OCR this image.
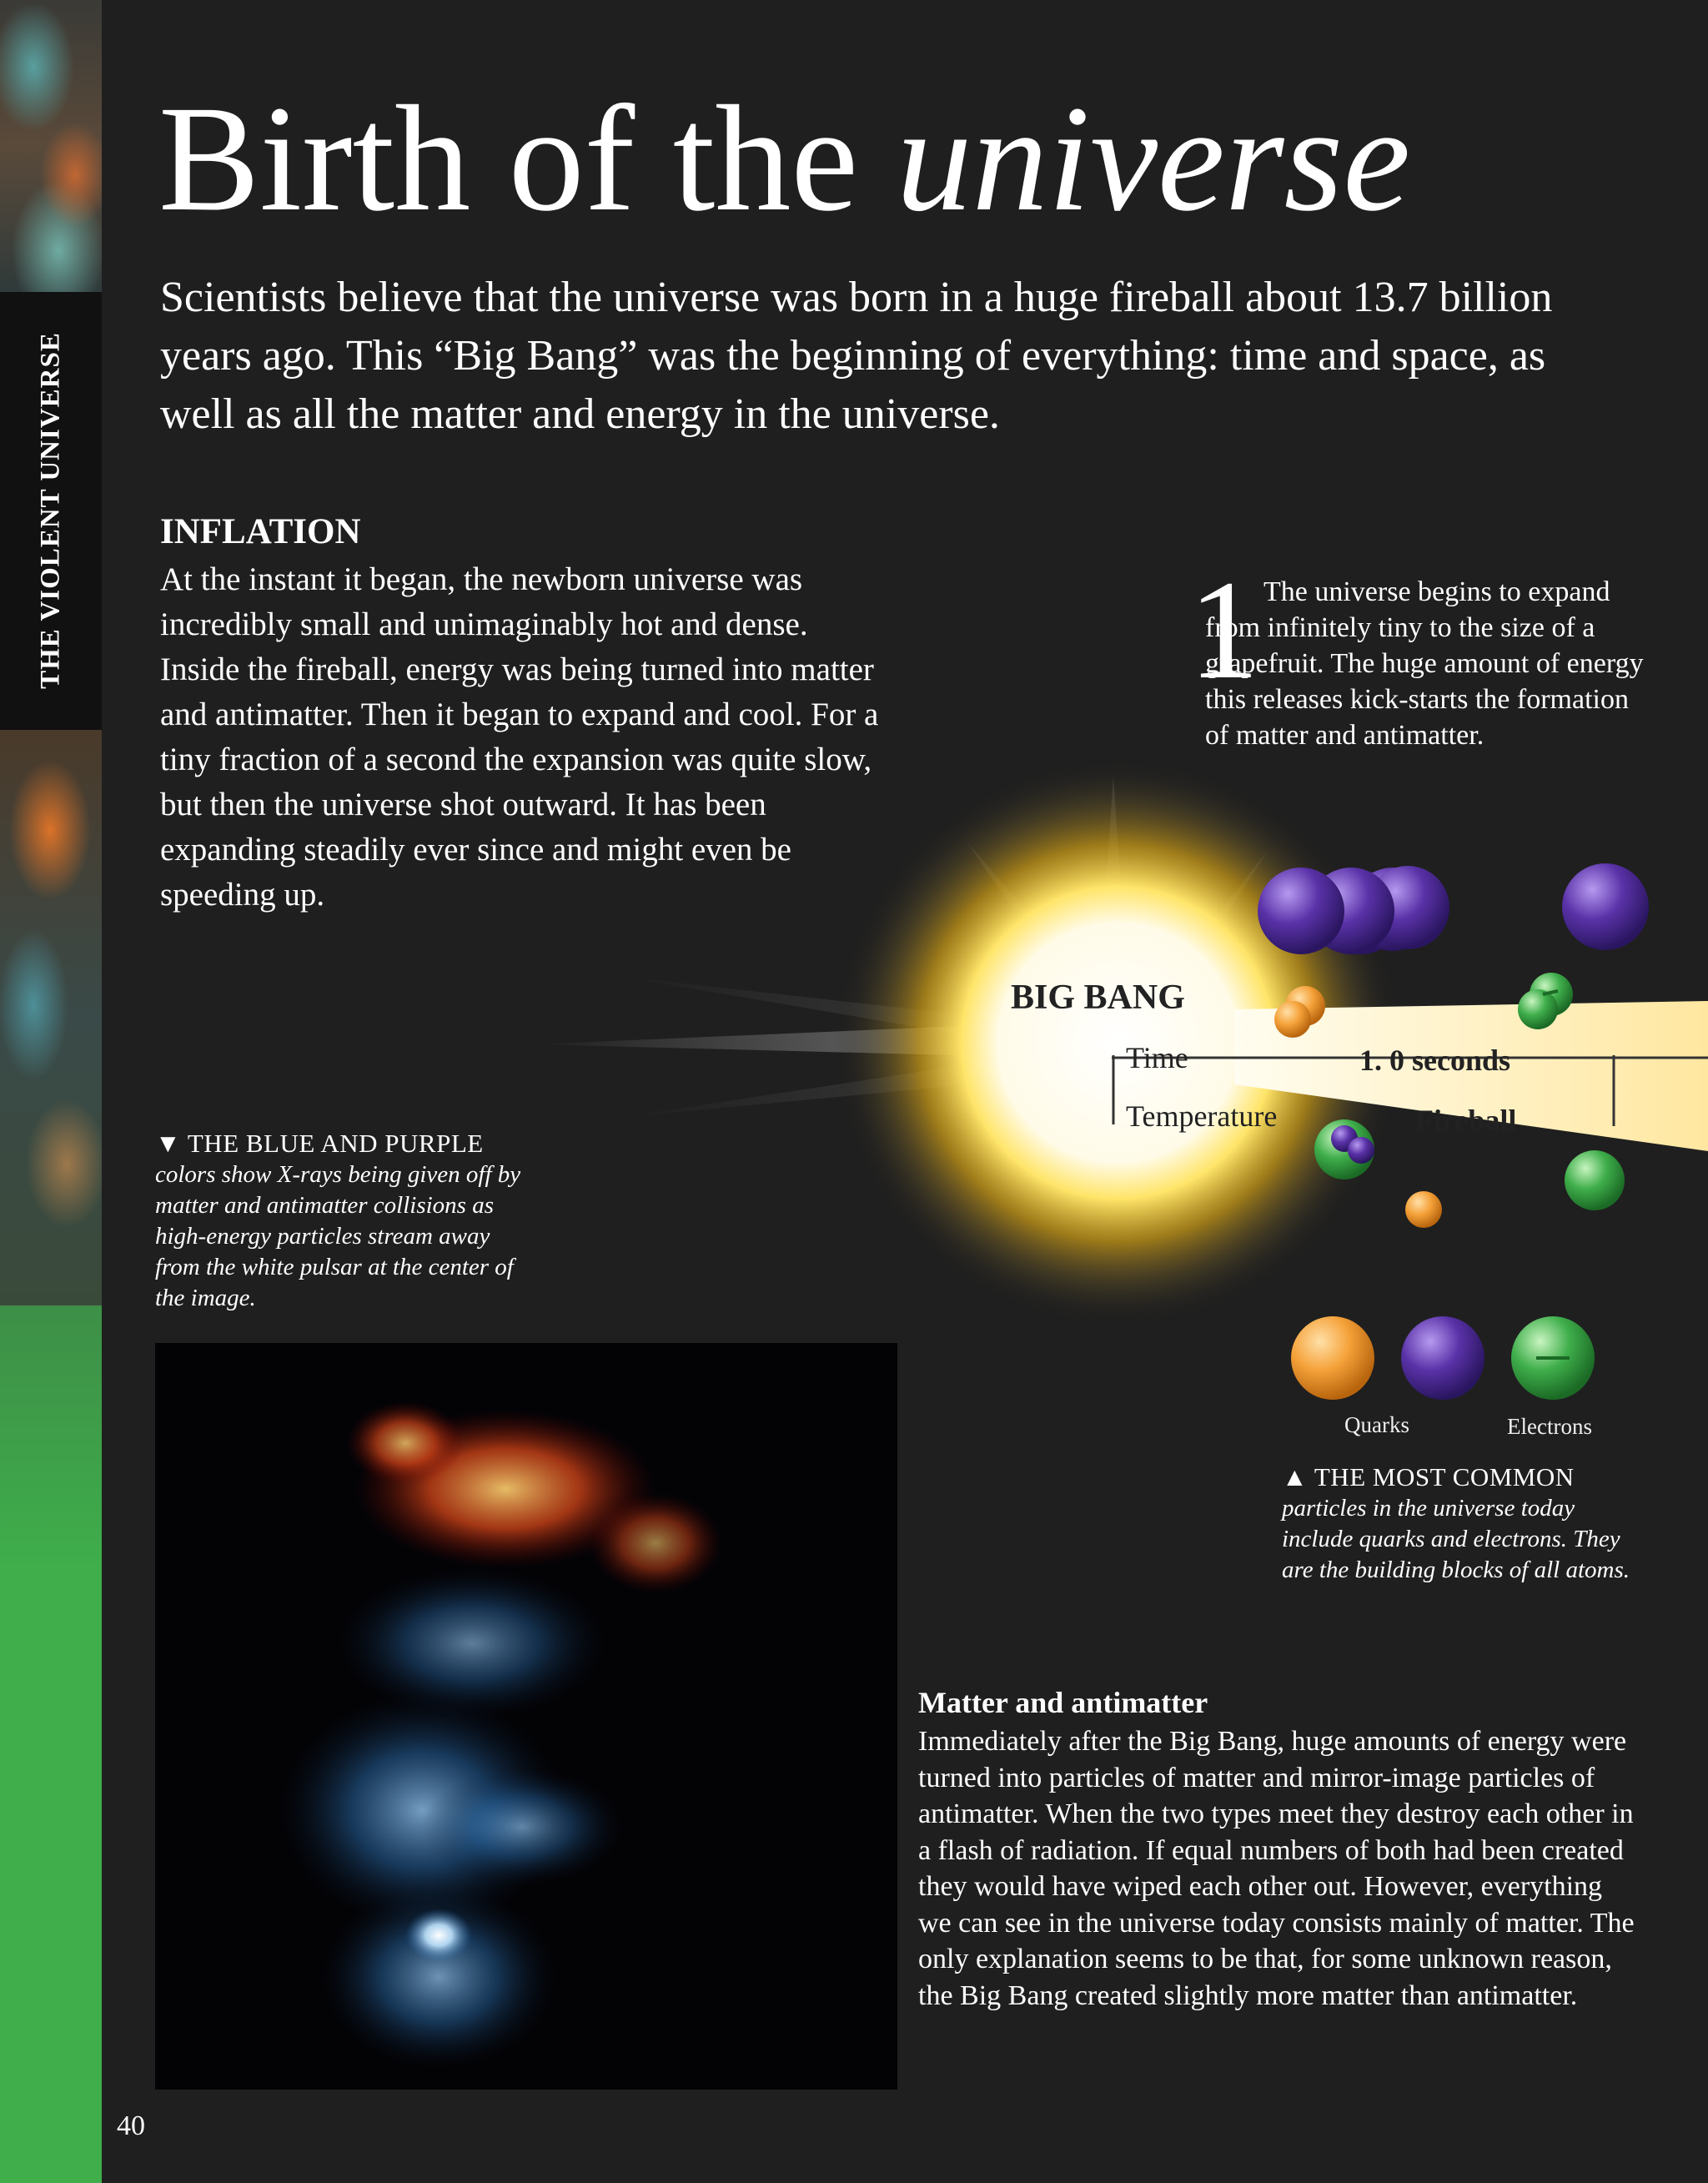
THE VIOLENT UNIVERSE
Birth of the universe

Scientists believe that the universe was born in a huge fireball about 13.7 billion years ago. This “Big Bang” was the beginning of everything: time and space, as well as all the matter and energy in the universe.

INFLATION

At the instant it began, the newborn universe was incredibly small and unimaginably hot and dense. Inside the fireball, energy was being turned into matter and antimatter. Then it began to expand and cool. For a tiny fraction of a second the expansion was quite slow, but then the universe shot outward. It has been expanding steadily ever since and might even be speeding up.

BIG BANG
Time
Temperature
1. 0 seconds
Fireball
Quarks	Electrons
1 The universe begins to expand from infinitely tiny to the size of a grapefruit. The huge amount of energy this releases kick-starts the formation of matter and antimatter.
▼ THE BLUE AND PURPLE
colors show X-rays being given off by matter and antimatter collisions as high-energy particles stream away from the white pulsar at the center of the image.
▲ THE MOST COMMON
particles in the universe today include quarks and electrons. They are the building blocks of all atoms.
Matter and antimatter

Immediately after the Big Bang, huge amounts of energy were turned into particles of matter and mirror-image particles of antimatter. When the two types meet they destroy each other in a flash of radiation. If equal numbers of both had been created they would have wiped each other out. However, everything we can see in the universe today consists mainly of matter. The only explanation seems to be that, for some unknown reason, the Big Bang created slightly more matter than antimatter.

40
